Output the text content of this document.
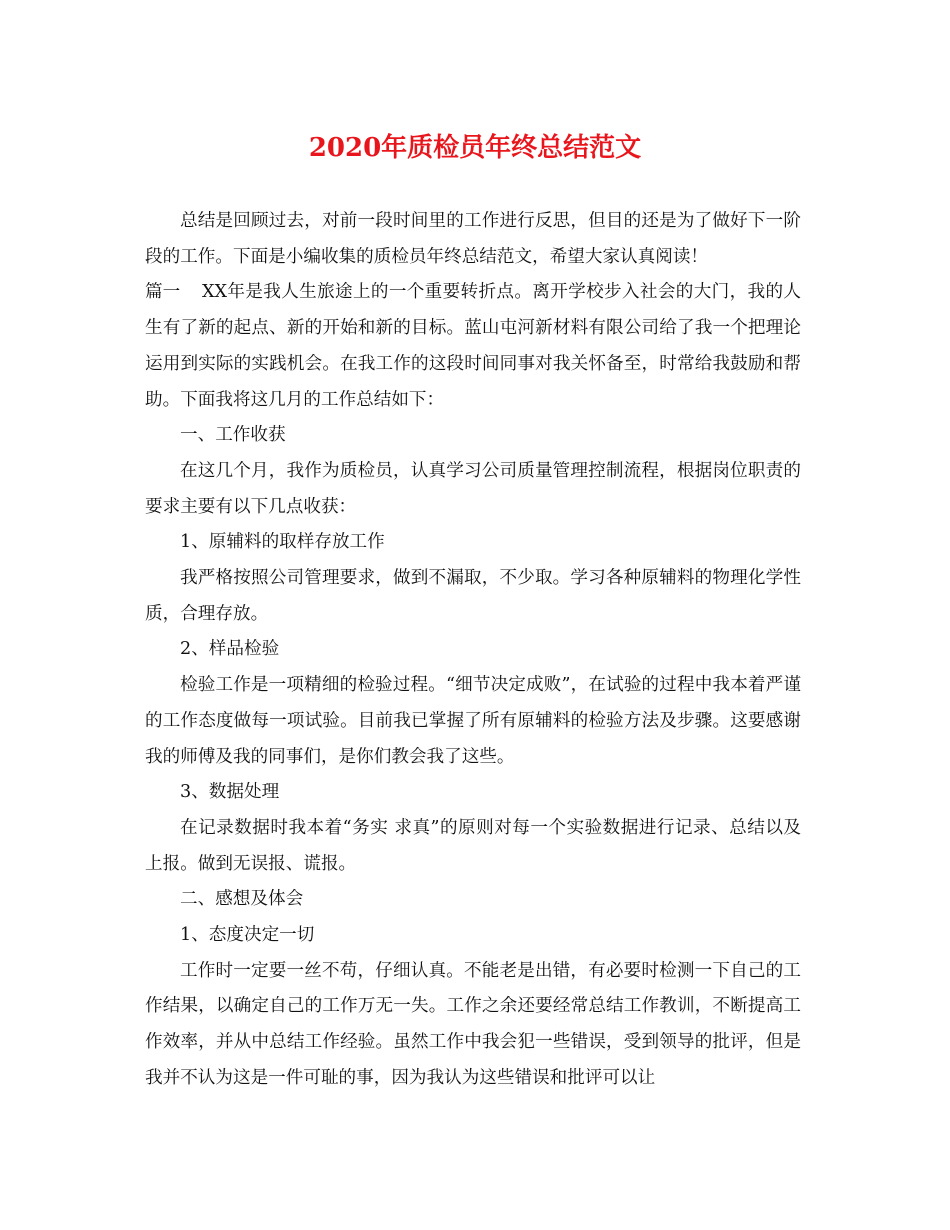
2020年质检员年终总结范文

总结是回顾过去，对前一段时间里的工作进行反思，但目的还是为了做好下一阶段的工作。下面是小编收集的质检员年终总结范文，希望大家认真阅读！

篇一 XX年是我人生旅途上的一个重要转折点。离开学校步入社会的大门，我的人生有了新的起点、新的开始和新的目标。蓝山屯河新材料有限公司给了我一个把理论运用到实际的实践机会。在我工作的这段时间同事对我关怀备至，时常给我鼓励和帮助。下面我将这几月的工作总结如下：

一、工作收获

在这几个月，我作为质检员，认真学习公司质量管理控制流程，根据岗位职责的要求主要有以下几点收获：

1、原辅料的取样存放工作

我严格按照公司管理要求，做到不漏取，不少取。学习各种原辅料的物理化学性质，合理存放。

2、样品检验

检验工作是一项精细的检验过程。“细节决定成败”，在试验的过程中我本着严谨的工作态度做每一项试验。目前我已掌握了所有原辅料的检验方法及步骤。这要感谢我的师傅及我的同事们，是你们教会我了这些。

3、数据处理

在记录数据时我本着“务实 求真”的原则对每一个实验数据进行记录、总结以及上报。做到无误报、谎报。

二、感想及体会

1、态度决定一切

工作时一定要一丝不苟，仔细认真。不能老是出错，有必要时检测一下自己的工作结果，以确定自己的工作万无一失。工作之余还要经常总结工作教训，不断提高工作效率，并从中总结工作经验。虽然工作中我会犯一些错误，受到领导的批评，但是我并不认为这是一件可耻的事，因为我认为这些错误和批评可以让
